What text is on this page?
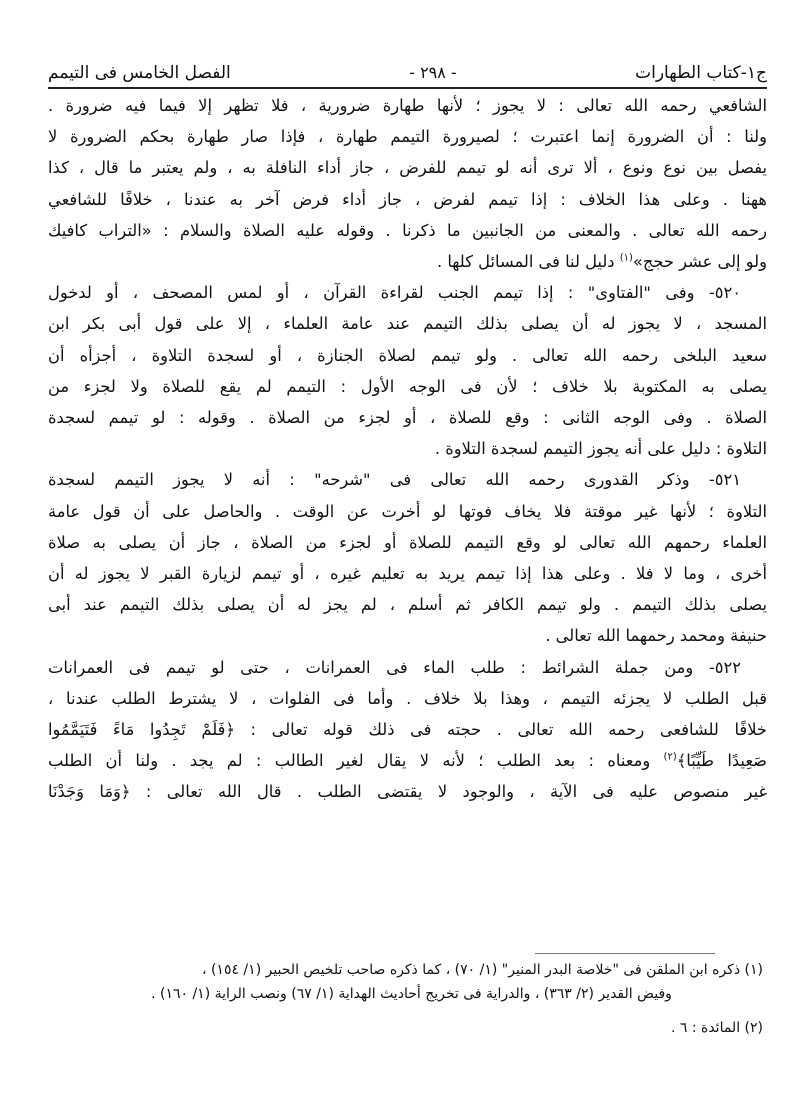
ج١-كتاب الطهارات
- ٢٩٨ -
الفصل الخامس فى التيمم
الشافعي رحمه الله تعالى : لا يجوز ؛ لأنها طهارة ضرورية ، فلا تظهر إلا فيما فيه ضرورة .
ولنا : أن الضرورة إنما اعتبرت ؛ لصيرورة التيمم طهارة ، فإذا صار طهارة بحكم الضرورة لا
يفصل بين نوع ونوع ، ألا ترى أنه لو تيمم للفرض ، جاز أداء النافلة به ، ولم يعتبر ما قال ، كذا
ههنا . وعلى هذا الخلاف : إذا تيمم لفرض ، جاز أداء فرض آخر به عندنا ، خلافًا للشافعي
رحمه الله تعالى . والمعنى من الجانبين ما ذكرنا . وقوله عليه الصلاة والسلام : «التراب كافيك
ولو إلى عشر حجج»$^{(١)}$ دليل لنا فى المسائل كلها .
٥٢٠- وفى "الفتاوى" : إذا تيمم الجنب لقراءة القرآن ، أو لمس المصحف ، أو لدخول
المسجد ، لا يجوز له أن يصلى بذلك التيمم عند عامة العلماء ، إلا على قول أبى بكر ابن
سعيد البلخى رحمه الله تعالى . ولو تيمم لصلاة الجنازة ، أو لسجدة التلاوة ، أجزأه أن
يصلى به المكتوبة بلا خلاف ؛ لأن فى الوجه الأول : التيمم لم يقع للصلاة ولا لجزء من
الصلاة . وفى الوجه الثانى : وقع للصلاة ، أو لجزء من الصلاة . وقوله : لو تيمم لسجدة
التلاوة : دليل على أنه يجوز التيمم لسجدة التلاوة .
٥٢١- وذكر القدورى رحمه الله تعالى فى "شرحه" : أنه لا يجوز التيمم لسجدة
التلاوة ؛ لأنها غير موقتة فلا يخاف فوتها لو أخرت عن الوقت . والحاصل على أن قول عامة
العلماء رحمهم الله تعالى لو وقع التيمم للصلاة أو لجزء من الصلاة ، جاز أن يصلى به صلاة
أخرى ، وما لا فلا . وعلى هذا إذا تيمم يريد به تعليم غيره ، أو تيمم لزيارة القبر لا يجوز له أن
يصلى بذلك التيمم . ولو تيمم الكافر ثم أسلم ، لم يجز له أن يصلى بذلك التيمم عند أبى
حنيفة ومحمد رحمهما الله تعالى .
٥٢٢- ومن جملة الشرائط : طلب الماء فى العمرانات ، حتى لو تيمم فى العمرانات
قبل الطلب لا يجزئه التيمم ، وهذا بلا خلاف . وأما فى الفلوات ، لا يشترط الطلب عندنا ،
خلافًا للشافعى رحمه الله تعالى . حجته فى ذلك قوله تعالى : ﴿فَلَمْ تَجِدُوا مَاءً فَتَيَمَّمُوا
صَعِيدًا طَيِّبًا﴾$^{(٢)}$ ومعناه : بعد الطلب ؛ لأنه لا يقال لغير الطالب : لم يجد . ولنا أن الطلب
غير منصوص عليه فى الآية ، والوجود لا يقتضى الطلب . قال الله تعالى : ﴿وَمَا وَجَدْنَا
(١) ذكره ابن الملقن فى "خلاصة البدر المنير" (١/ ٧٠) ، كما ذكره صاحب تلخيص الحبير (١/ ١٥٤) ،
وفيض القدير (٢/ ٣٦٣) ، والدراية فى تخريج أحاديث الهداية (١/ ٦٧) ونصب الراية (١/ ١٦٠) .
(٢) المائدة : ٦ .
